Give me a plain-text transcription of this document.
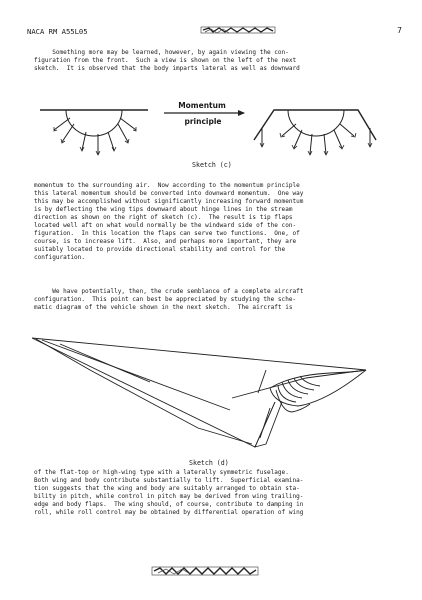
NACA RM A55L05	7

Something more may be learned, however, by again viewing the con-
figuration from the front.  Such a view is shown on the left of the next
sketch.  It is observed that the body imparts lateral as well as downward

Momentum
principle
Sketch (c)

momentum to the surrounding air.  Now according to the momentum principle
this lateral momentum should be converted into downward momentum.  One way
this may be accomplished without significantly increasing forward momentum
is by deflecting the wing tips downward about hinge lines in the stream
direction as shown on the right of sketch (c).  The result is tip flaps
located well aft on what would normally be the windward side of the con-
figuration.  In this location the flaps can serve two functions.  One, of
course, is to increase lift.  Also, and perhaps more important, they are
suitably located to provide directional stability and control for the
configuration.

We have potentially, then, the crude semblance of a complete aircraft
configuration.  This point can best be appreciated by studying the sche-
matic diagram of the vehicle shown in the next sketch.  The aircraft is

Sketch (d)

of the flat-top or high-wing type with a laterally symmetric fuselage.
Both wing and body contribute substantially to lift.  Superficial examina-
tion suggests that the wing and body are suitably arranged to obtain sta-
bility in pitch, while control in pitch may be derived from wing trailing-
edge and body flaps.  The wing should, of course, contribute to damping in
roll, while roll control may be obtained by differential operation of wing
